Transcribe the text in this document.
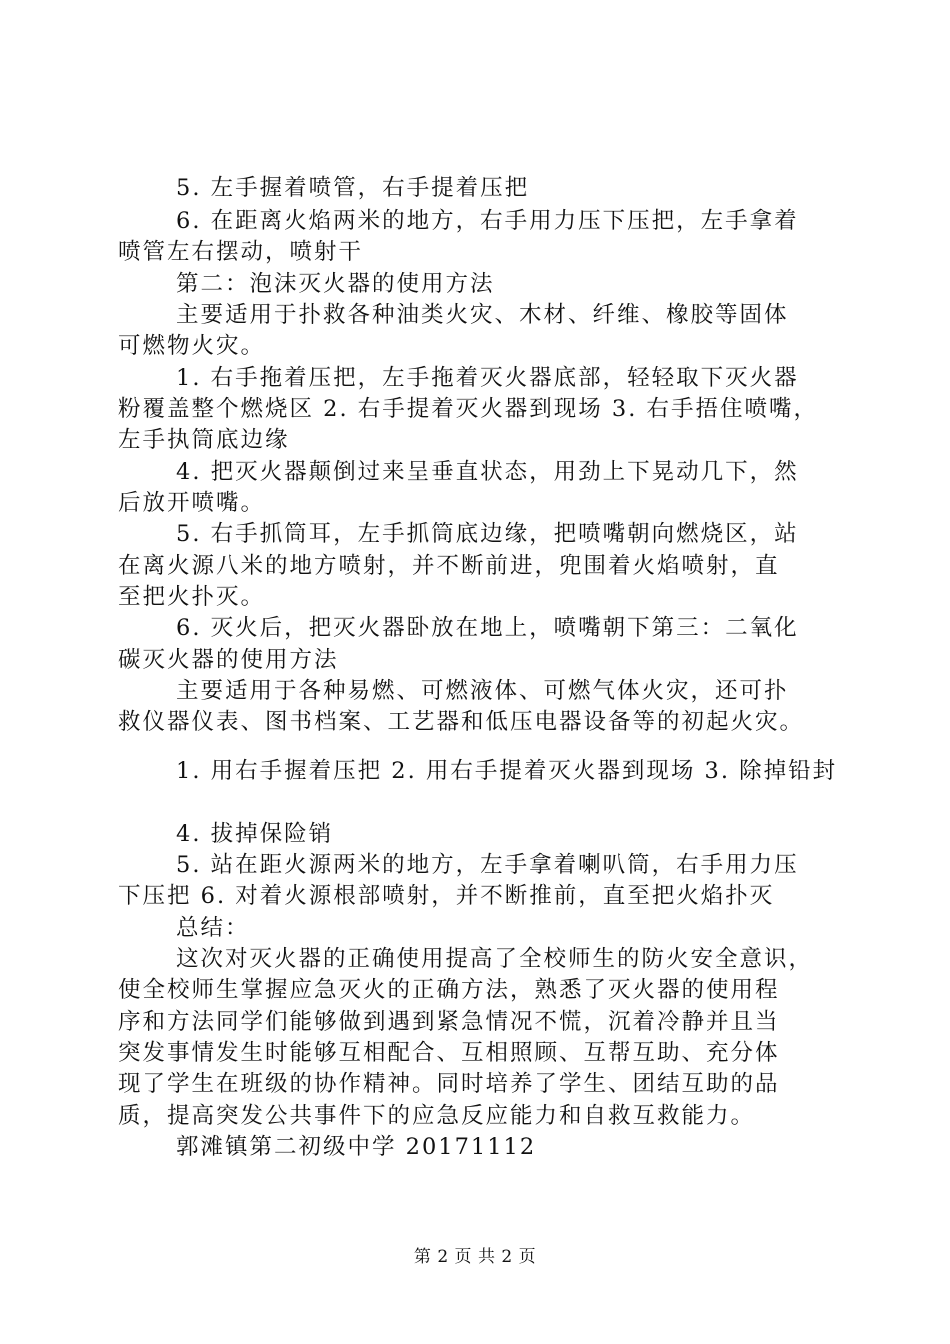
5. 左手握着喷管，右手提着压把
6. 在距离火焰两米的地方，右手用力压下压把，左手拿着
喷管左右摆动，喷射干
第二：泡沫灭火器的使用方法
主要适用于扑救各种油类火灾、木材、纤维、橡胶等固体
可燃物火灾。
1. 右手拖着压把，左手拖着灭火器底部，轻轻取下灭火器
粉覆盖整个燃烧区 2. 右手提着灭火器到现场 3. 右手捂住喷嘴，
左手执筒底边缘
4. 把灭火器颠倒过来呈垂直状态，用劲上下晃动几下，然
后放开喷嘴。
5. 右手抓筒耳，左手抓筒底边缘，把喷嘴朝向燃烧区，站
在离火源八米的地方喷射，并不断前进，兜围着火焰喷射，直
至把火扑灭。
6. 灭火后，把灭火器卧放在地上，喷嘴朝下第三：二氧化
碳灭火器的使用方法
主要适用于各种易燃、可燃液体、可燃气体火灾，还可扑
救仪器仪表、图书档案、工艺器和低压电器设备等的初起火灾。
1. 用右手握着压把 2. 用右手提着灭火器到现场 3. 除掉铅封
4. 拔掉保险销
5. 站在距火源两米的地方，左手拿着喇叭筒，右手用力压
下压把 6. 对着火源根部喷射，并不断推前，直至把火焰扑灭
总结：
这次对灭火器的正确使用提高了全校师生的防火安全意识，
使全校师生掌握应急灭火的正确方法，熟悉了灭火器的使用程
序和方法同学们能够做到遇到紧急情况不慌，沉着冷静并且当
突发事情发生时能够互相配合、互相照顾、互帮互助、充分体
现了学生在班级的协作精神。同时培养了学生、团结互助的品
质，提高突发公共事件下的应急反应能力和自救互救能力。
郭滩镇第二初级中学 20171112
第 2 页 共 2 页
